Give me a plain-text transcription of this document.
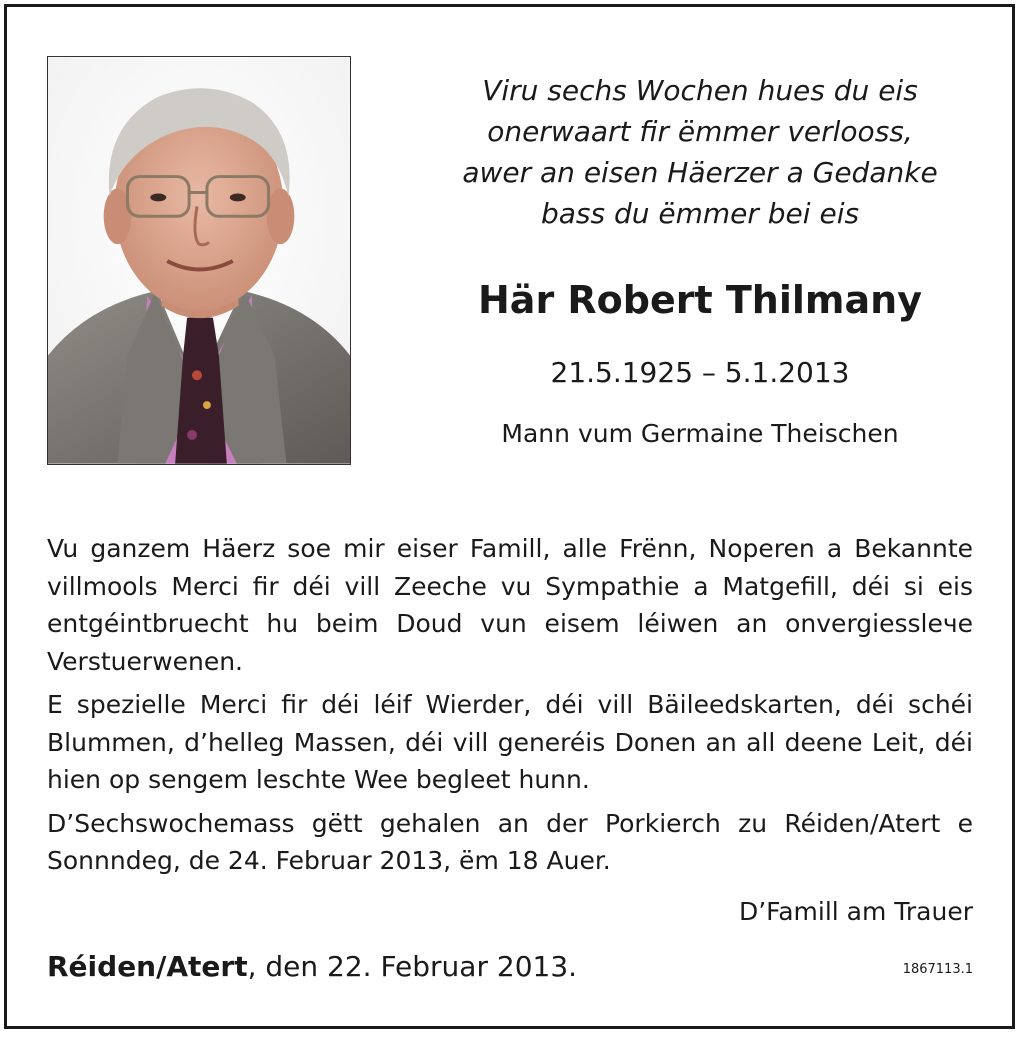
Viru sechs Wochen hues du eis
onerwaart fir ëmmer verlooss,
awer an eisen Häerzer a Gedanke
bass du ëmmer bei eis
Här Robert Thilmany

21.5.1925 – 5.1.2013

Mann vum Germaine Theischen

Vu ganzem Häerz soe mir eiser Famill, alle Frënn, Noperen a Bekannte villmools Merci fir déi vill Zeeche vu Sympathie a Matgefill, déi si eis entgéintbruecht hu beim Doud vun eisem léiwen an onvergiesslече Verstuerwenen.

E spezielle Merci fir déi léif Wierder, déi vill Bäileedskarten, déi schéi Blummen, d’helleg Massen, déi vill generéis Donen an all deene Leit, déi hien op sengem leschte Wee begleet hunn.

D’Sechswochemass gëtt gehalen an der Porkierch zu Réiden/Atert e Sonnndeg, de 24. Februar 2013, ëm 18 Auer.

D’Famill am Trauer

Réiden/Atert, den 22. Februar 2013.	1867113.1
